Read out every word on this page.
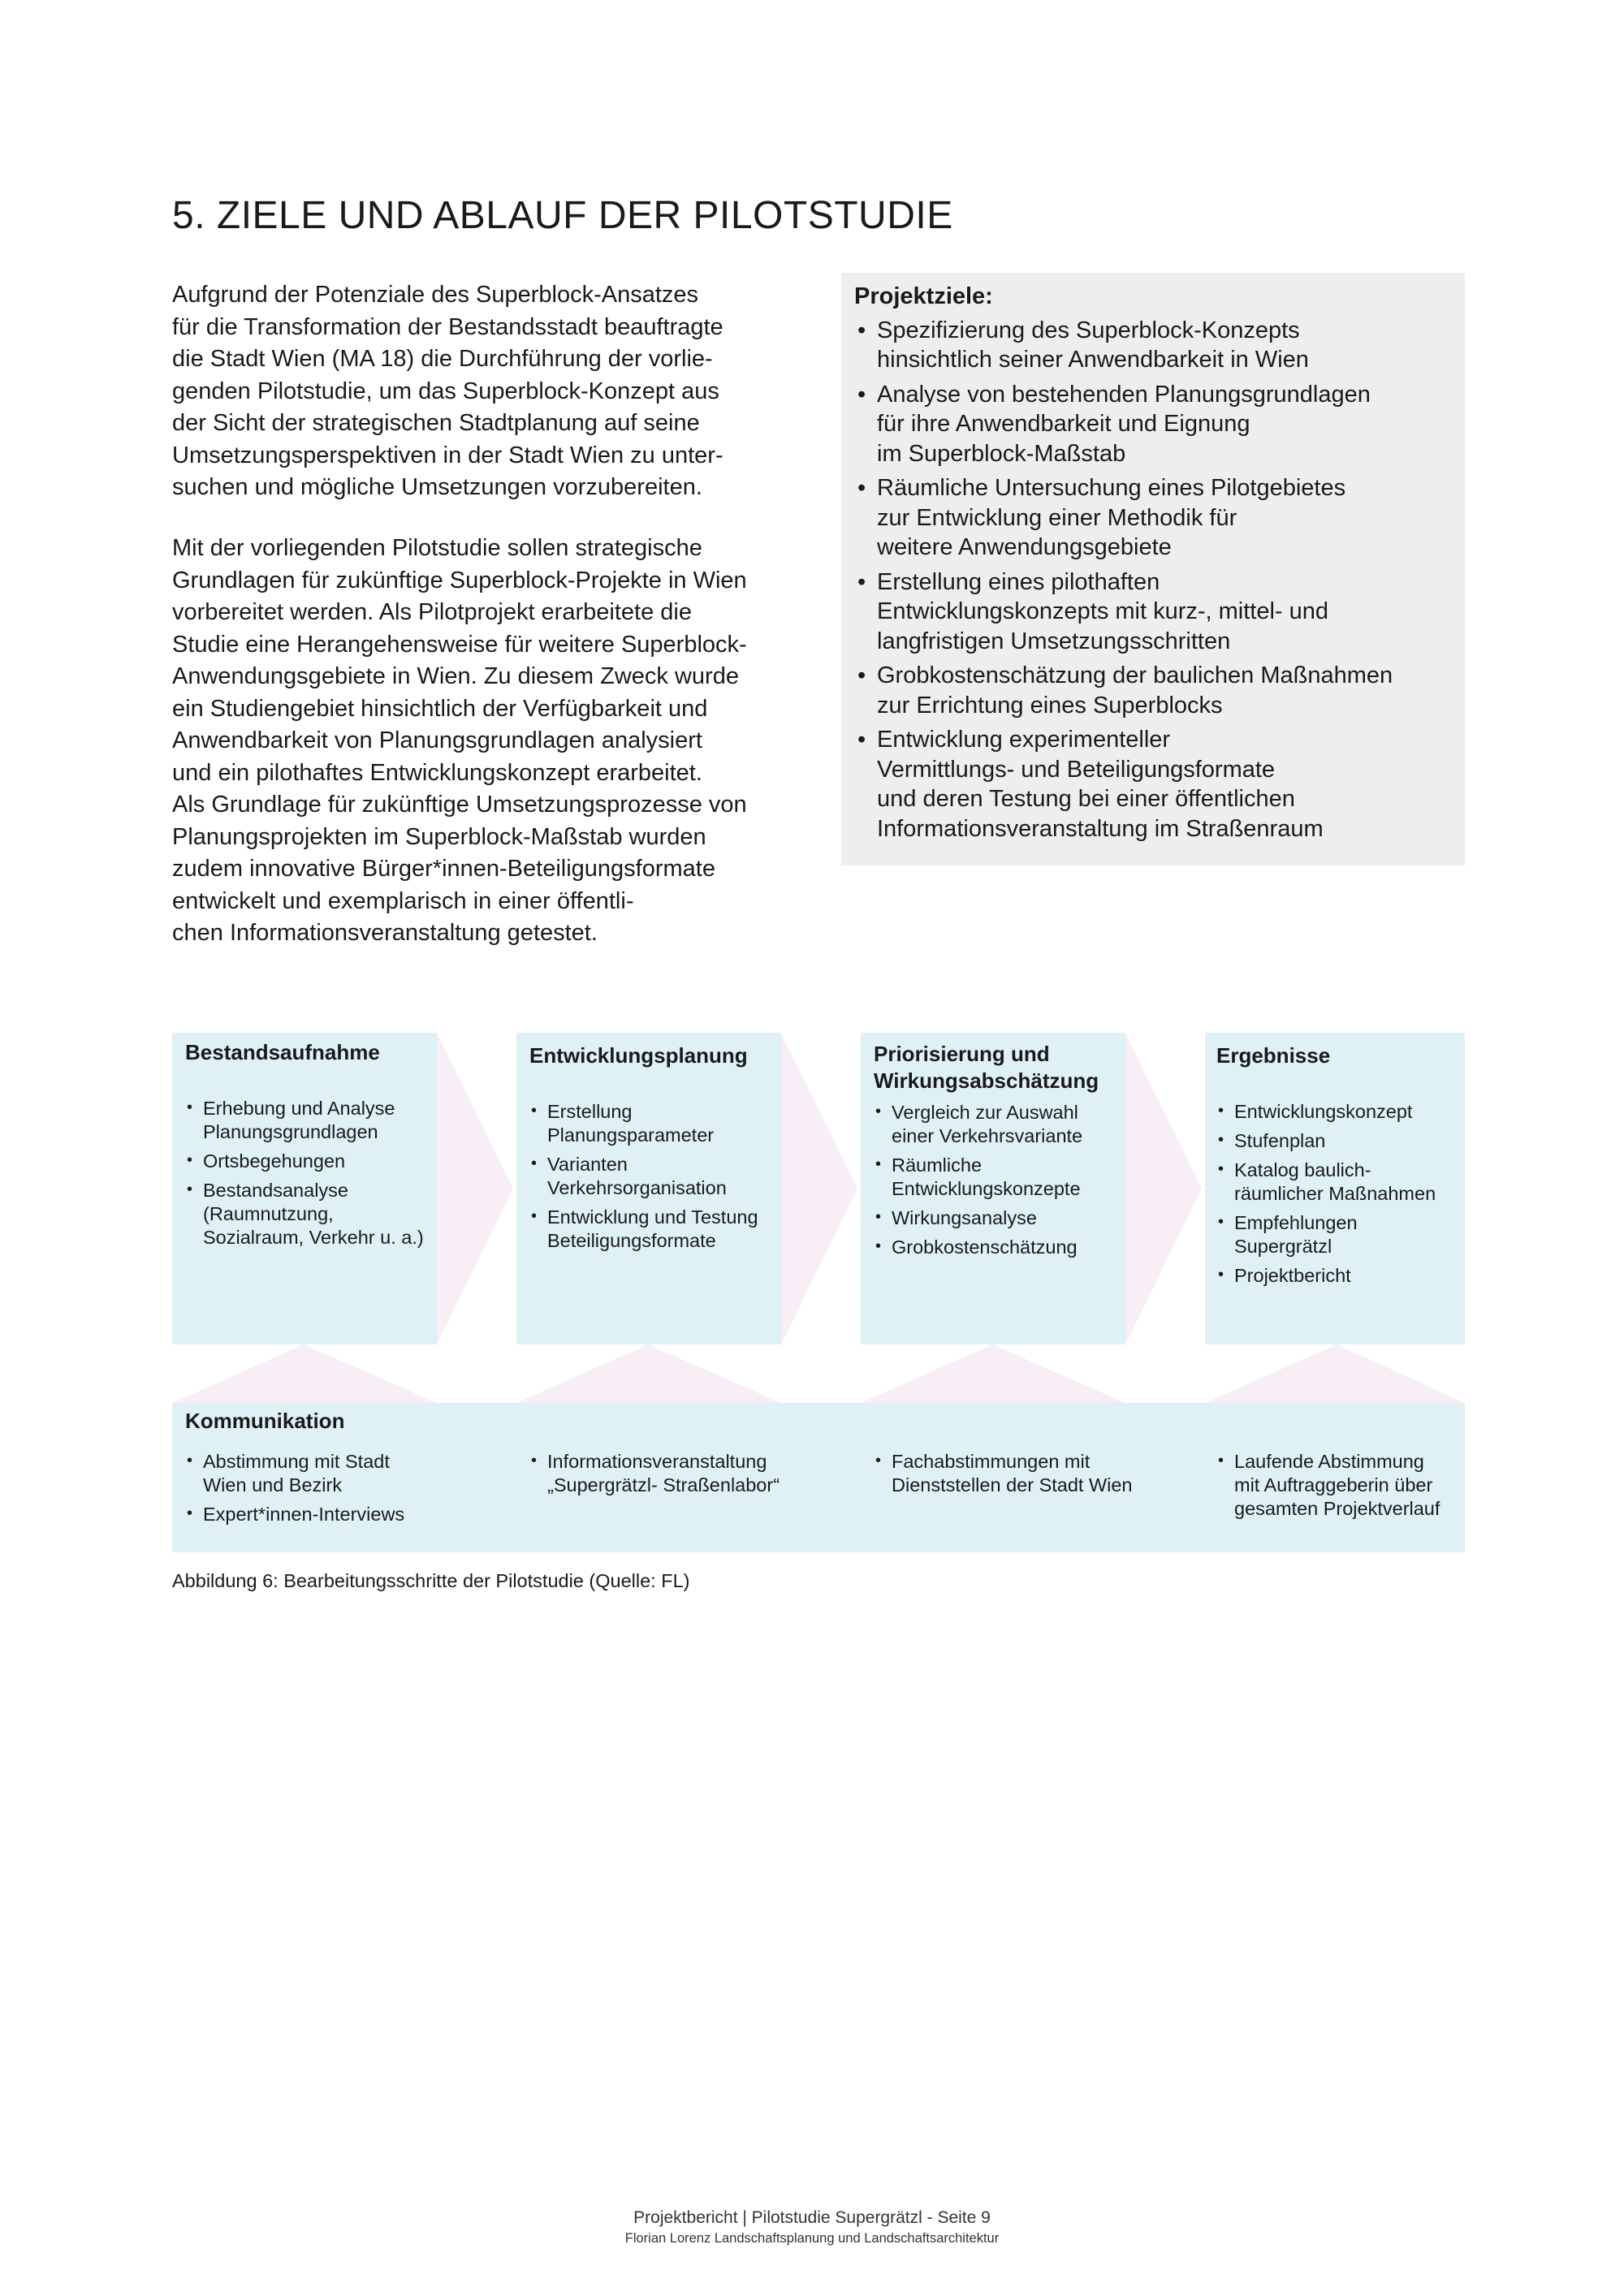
5. ZIELE UND ABLAUF DER PILOTSTUDIE

Aufgrund der Potenziale des Superblock-Ansatzes

für die Transformation der Bestandsstadt beauftragte

die Stadt Wien (MA 18) die Durchführung der vorlie-

genden Pilotstudie, um das Superblock-Konzept aus

der Sicht der strategischen Stadtplanung auf seine

Umsetzungsperspektiven in der Stadt Wien zu unter-

suchen und mögliche Umsetzungen vorzubereiten.

Mit der vorliegenden Pilotstudie sollen strategische

Grundlagen für zukünftige Superblock-Projekte in Wien

vorbereitet werden. Als Pilotprojekt erarbeitete die

Studie eine Herangehensweise für weitere Superblock-

Anwendungsgebiete in Wien. Zu diesem Zweck wurde

ein Studiengebiet hinsichtlich der Verfügbarkeit und

Anwendbarkeit von Planungsgrundlagen analysiert

und ein pilothaftes Entwicklungskonzept erarbeitet.

Als Grundlage für zukünftige Umsetzungsprozesse von

Planungsprojekten im Superblock-Maßstab wurden

zudem innovative Bürger*innen-Beteiligungsformate

entwickelt und exemplarisch in einer öffentli-

chen Informationsveranstaltung getestet.

Projektziele:

• Spezifizierung des Superblock-Konzepts
hinsichtlich seiner Anwendbarkeit in Wien
• Analyse von bestehenden Planungsgrundlagen
für ihre Anwendbarkeit und Eignung
im Superblock-Maßstab
• Räumliche Untersuchung eines Pilotgebietes
zur Entwicklung einer Methodik für
weitere Anwendungsgebiete
• Erstellung eines pilothaften
Entwicklungskonzepts mit kurz-, mittel- und
langfristigen Umsetzungsschritten
• Grobkostenschätzung der baulichen Maßnahmen
zur Errichtung eines Superblocks
• Entwicklung experimenteller
Vermittlungs- und Beteiligungsformate
und deren Testung bei einer öffentlichen
Informationsveranstaltung im Straßenraum

Bestandsaufnahme

• Erhebung und Analyse
Planungsgrundlagen
• Ortsbegehungen
• Bestandsanalyse
(Raumnutzung,
Sozialraum, Verkehr u. a.)

Entwicklungsplanung

• Erstellung
Planungsparameter
• Varianten
Verkehrsorganisation
• Entwicklung und Testung
Beteiligungsformate

Priorisierung und
Wirkungsabschätzung

• Vergleich zur Auswahl
einer Verkehrsvariante
• Räumliche
Entwicklungskonzepte
• Wirkungsanalyse
• Grobkostenschätzung

Ergebnisse

• Entwicklungskonzept
• Stufenplan
• Katalog baulich-
räumlicher Maßnahmen
• Empfehlungen
Supergrätzl
• Projektbericht

Kommunikation

• Abstimmung mit Stadt
Wien und Bezirk
• Expert*innen-Interviews
• Informationsveranstaltung
„Supergrätzl- Straßenlabor“
• Fachabstimmungen mit
Dienststellen der Stadt Wien
• Laufende Abstimmung
mit Auftraggeberin über
gesamten Projektverlauf
Abbildung 6: Bearbeitungsschritte der Pilotstudie (Quelle: FL)
Projektbericht | Pilotstudie Supergrätzl - Seite 9
Florian Lorenz Landschaftsplanung und Landschaftsarchitektur
